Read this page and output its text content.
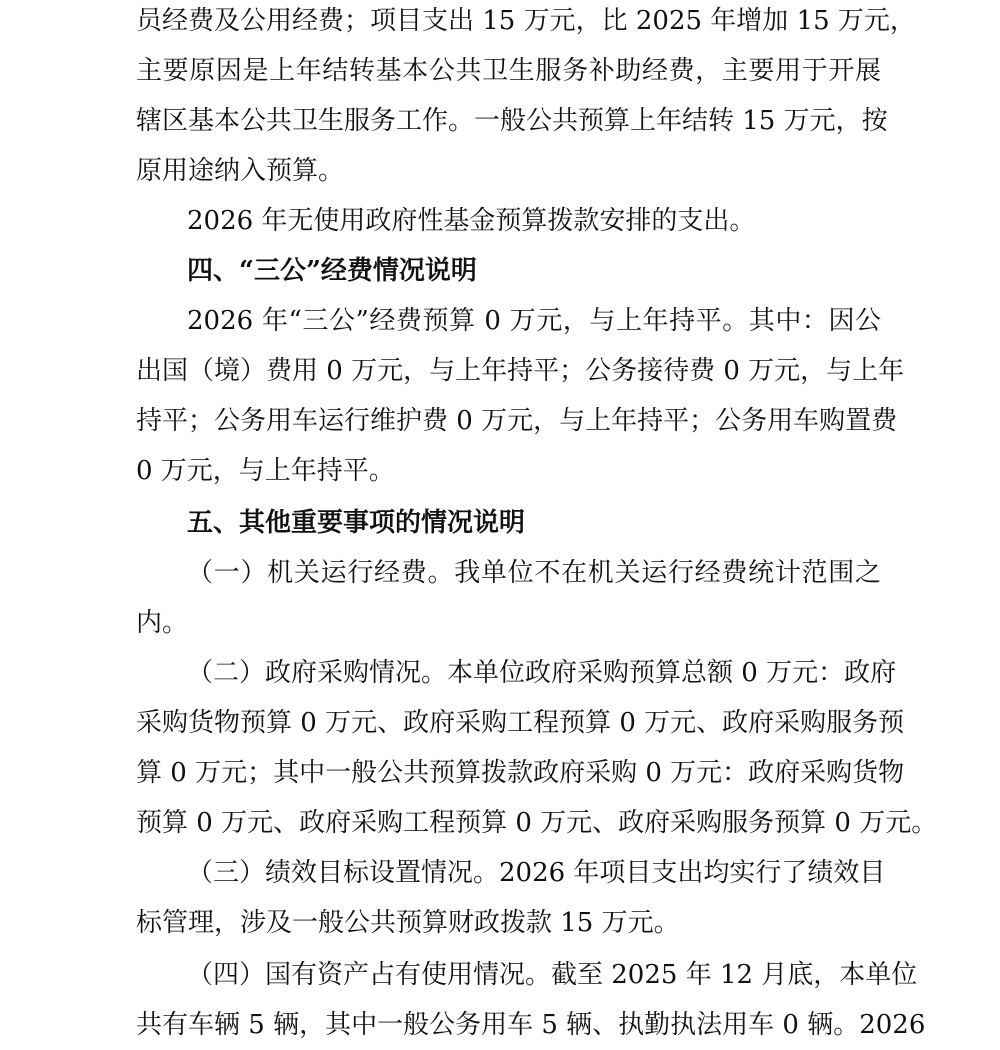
员经费及公用经费；项目支出 15 万元，比 2025 年增加 15 万元，
主要原因是上年结转基本公共卫生服务补助经费，主要用于开展
辖区基本公共卫生服务工作。一般公共预算上年结转 15 万元，按
原用途纳入预算。
2026 年无使用政府性基金预算拨款安排的支出。
四、“三公”经费情况说明
2026 年“三公”经费预算 0 万元，与上年持平。其中：因公
出国（境）费用 0 万元，与上年持平；公务接待费 0 万元，与上年
持平；公务用车运行维护费 0 万元，与上年持平；公务用车购置费
0 万元，与上年持平。
五、其他重要事项的情况说明
（一）机关运行经费。我单位不在机关运行经费统计范围之
内。
（二）政府采购情况。本单位政府采购预算总额 0 万元：政府
采购货物预算 0 万元、政府采购工程预算 0 万元、政府采购服务预
算 0 万元；其中一般公共预算拨款政府采购 0 万元：政府采购货物
预算 0 万元、政府采购工程预算 0 万元、政府采购服务预算 0 万元。
（三）绩效目标设置情况。2026 年项目支出均实行了绩效目
标管理，涉及一般公共预算财政拨款 15 万元。
（四）国有资产占有使用情况。截至 2025 年 12 月底，本单位
共有车辆 5 辆，其中一般公务用车 5 辆、执勤执法用车 0 辆。2026
